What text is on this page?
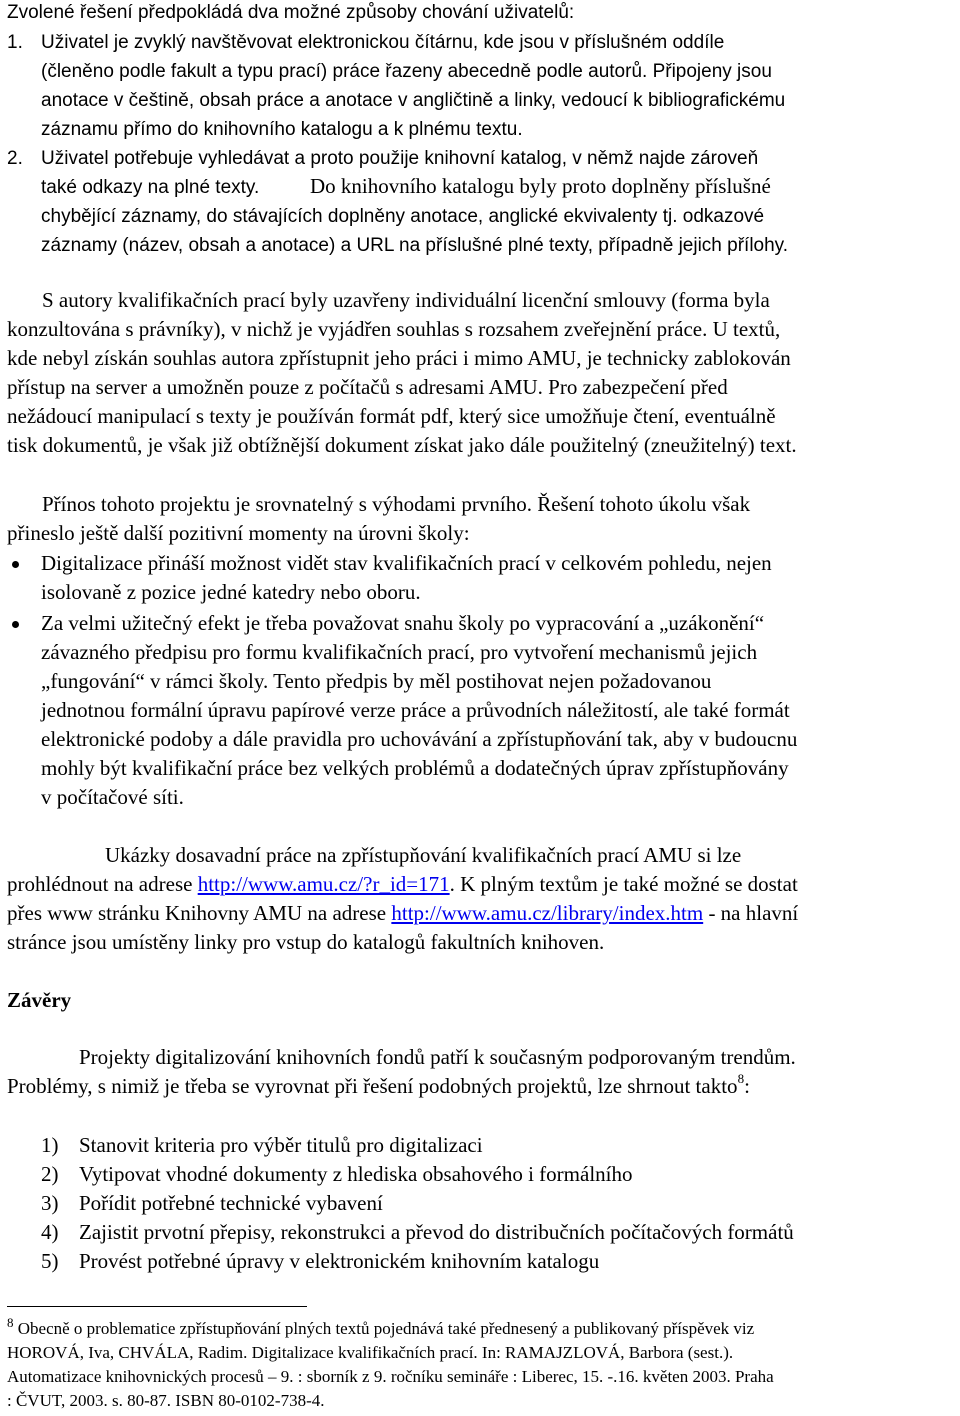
Zvolené řešení předpokládá dva možné způsoby chování uživatelů:
1. Uživatel je zvyklý navštěvovat elektronickou čítárnu, kde jsou v příslušném oddíle
(členěno podle fakult a typu prací) práce řazeny abecedně podle autorů. Připojeny jsou
anotace v češtině, obsah práce a anotace v angličtině a linky, vedoucí k bibliografickému
záznamu přímo do knihovního katalogu a k plnému textu.
2. Uživatel potřebuje vyhledávat a proto použije knihovní katalog, v němž najde zároveň
také odkazy na plné texty. Do knihovního katalogu byly proto doplněny příslušné
chybějící záznamy, do stávajících doplněny anotace, anglické ekvivalenty tj. odkazové
záznamy (název, obsah a anotace) a URL na příslušné plné texty, případně jejich přílohy.
S autory kvalifikačních prací byly uzavřeny individuální licenční smlouvy (forma byla
konzultována s právníky), v nichž je vyjádřen souhlas s rozsahem zveřejnění práce. U textů,
kde nebyl získán souhlas autora zpřístupnit jeho práci i mimo AMU, je technicky zablokován
přístup na server a umožněn pouze z počítačů s adresami AMU. Pro zabezpečení před
nežádoucí manipulací s texty je používán formát pdf, který sice umožňuje čtení, eventuálně
tisk dokumentů, je však již obtížnější dokument získat jako dále použitelný (zneužitelný) text.
Přínos tohoto projektu je srovnatelný s výhodami prvního. Řešení tohoto úkolu však
přineslo ještě další pozitivní momenty na úrovni školy:
Digitalizace přináší možnost vidět stav kvalifikačních prací v celkovém pohledu, nejen
isolovaně z pozice jedné katedry nebo oboru.
Za velmi užitečný efekt je třeba považovat snahu školy po vypracování a „uzákonění“
závazného předpisu pro formu kvalifikačních prací, pro vytvoření mechanismů jejich
„fungování“ v rámci školy. Tento předpis by měl postihovat nejen požadovanou
jednotnou formální úpravu papírové verze práce a průvodních náležitostí, ale také formát
elektronické podoby a dále pravidla pro uchovávání a zpřístupňování tak, aby v budoucnu
mohly být kvalifikační práce bez velkých problémů a dodatečných úprav zpřístupňovány
v počítačové síti.
Ukázky dosavadní práce na zpřístupňování kvalifikačních prací AMU si lze
prohlédnout na adrese http://www.amu.cz/?r_id=171. K plným textům je také možné se dostat
přes www stránku Knihovny AMU na adrese http://www.amu.cz/library/index.htm - na hlavní
stránce jsou umístěny linky pro vstup do katalogů fakultních knihoven.
Závěry
Projekty digitalizování knihovních fondů patří k současným podporovaným trendům.
Problémy, s nimiž je třeba se vyrovnat při řešení podobných projektů, lze shrnout takto$^8$:
1) Stanovit kriteria pro výběr titulů pro digitalizaci
2) Vytipovat vhodné dokumenty z hlediska obsahového i formálního
3) Pořídit potřebné technické vybavení
4) Zajistit prvotní přepisy, rekonstrukci a převod do distribučních počítačových formátů
5) Provést potřebné úpravy v elektronickém knihovním katalogu
$^8$ Obecně o problematice zpřístupňování plných textů pojednává také přednesený a publikovaný příspěvek viz
HOROVÁ, Iva, CHVÁLA, Radim. Digitalizace kvalifikačních prací. In: RAMAJZLOVÁ, Barbora (sest.).
Automatizace knihovnických procesů – 9. : sborník z 9. ročníku semináře : Liberec, 15. -.16. květen 2003. Praha
: ČVUT, 2003. s. 80-87. ISBN 80-0102-738-4.
